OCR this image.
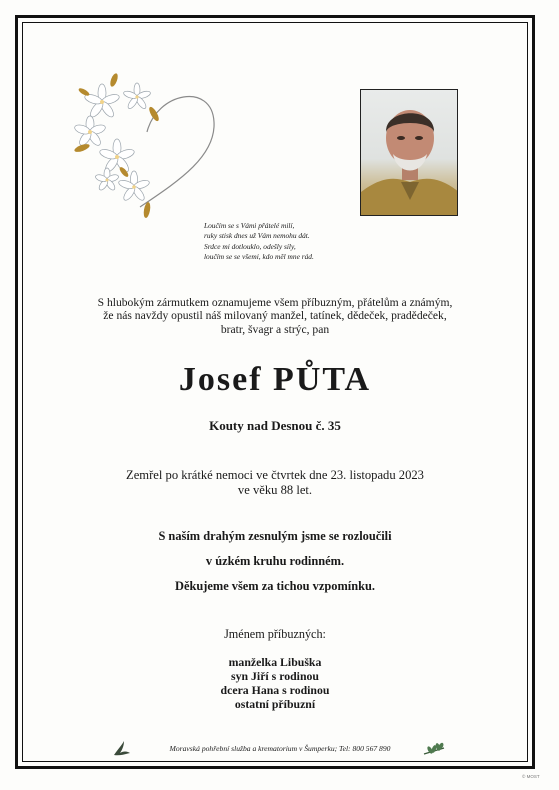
Loučím se s Vámi přátelé milí,
ruky stisk dnes už Vám nemohu dát.
Srdce mi dotlouklo, odešly síly,
loučím se se všemi, kdo měl mne rád.
S hlubokým zármutkem oznamujeme všem příbuzným, přátelům a známým,
že nás navždy opustil náš milovaný manžel, tatínek, dědeček, pradědeček,
bratr, švagr a strýc, pan
Josef PŮTA
Kouty nad Desnou č. 35
Zemřel po krátké nemoci ve čtvrtek dne 23. listopadu 2023
ve věku 88 let.
S naším drahým zesnulým jsme se rozloučili
v úzkém kruhu rodinném.
Děkujeme všem za tichou vzpomínku.
Jménem příbuzných:
manželka Libuška
syn Jiří s rodinou
dcera Hana s rodinou
ostatní příbuzní
Moravská pohřební služba a krematorium v Šumperku; Tel: 800 567 890
© MOST
